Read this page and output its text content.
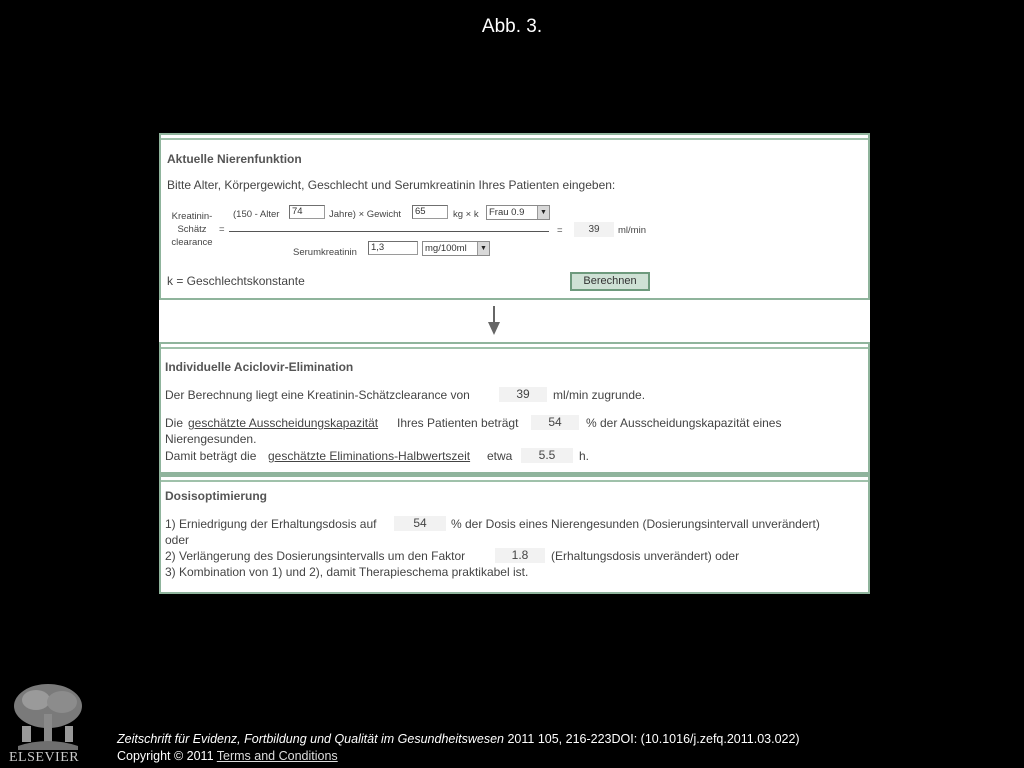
Abb. 3.
Aktuelle Nierenfunktion
Bitte Alter, Körpergewicht, Geschlecht und Serumkreatinin Ihres Patienten eingeben:
Kreatinin-
Schätz
clearance
=
(150 - Alter	74	Jahre) × Gewicht	65	kg × k	Frau 0.9	▼
Serumkreatinin	1,3	mg/100ml	▼
=	39	ml/min
k = Geschlechtskonstante	Berechnen
Individuelle Aciclovir-Elimination
Der Berechnung liegt eine Kreatinin-Schätzclearance von	39	ml/min zugrunde.
Die geschätzte Ausscheidungskapazität Ihres Patienten beträgt	54	% der Ausscheidungskapazität eines
Nierengesunden.
Damit beträgt die geschätzte Eliminations-Halbwertszeit etwa	5.5	h.
Dosisoptimierung
1) Erniedrigung der Erhaltungsdosis auf	54	% der Dosis eines Nierengesunden (Dosierungsintervall unverändert)
oder
2) Verlängerung des Dosierungsintervalls um den Faktor	1.8	(Erhaltungsdosis unverändert) oder
3) Kombination von 1) und 2), damit Therapieschema praktikabel ist.
ELSEVIER
Zeitschrift für Evidenz, Fortbildung und Qualität im Gesundheitswesen 2011 105, 216-223DOI: (10.1016/j.zefq.2011.03.022)
Copyright © 2011 Terms and Conditions
